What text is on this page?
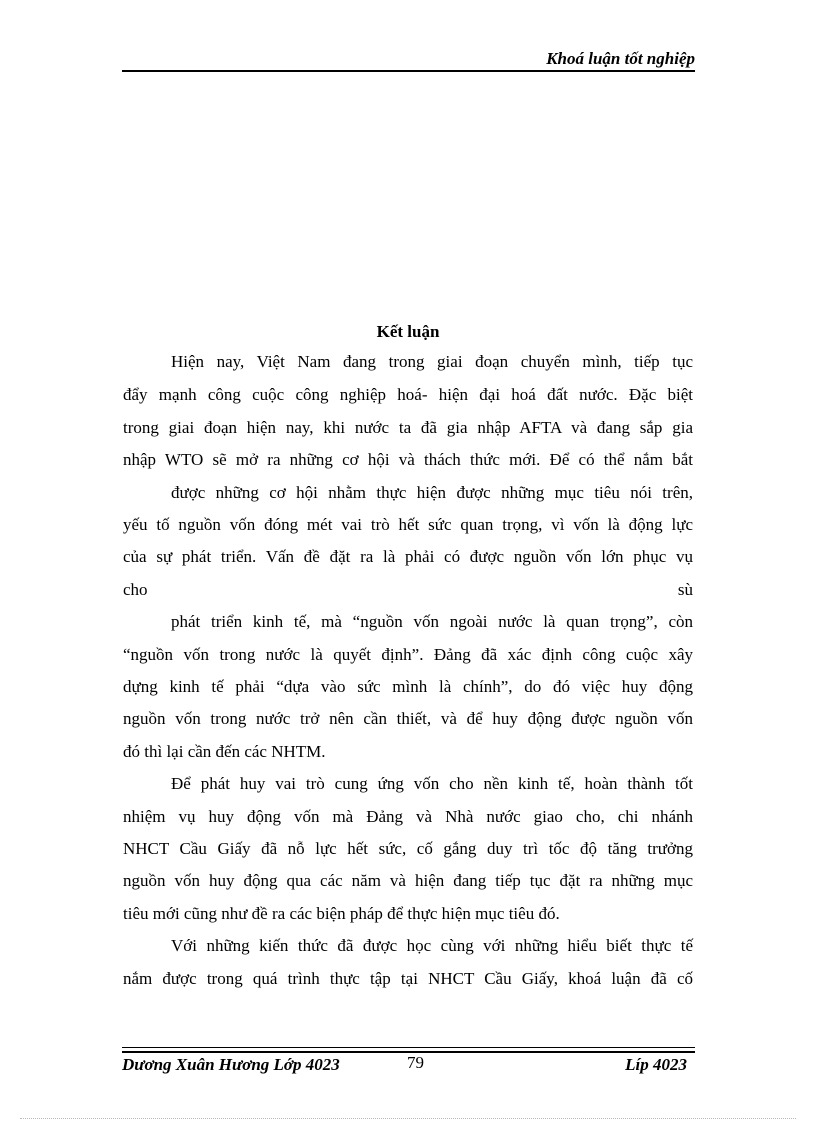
Khoá luận tốt nghiệp
Kết luận
Hiện nay, Việt Nam đang trong giai đoạn chuyển mình, tiếp tục
đẩy mạnh công cuộc công nghiệp hoá- hiện đại hoá đất nước. Đặc biệt
trong giai đoạn hiện nay, khi nước ta đã gia nhập AFTA và đang sắp gia
nhập WTO sẽ mở ra những cơ hội và thách thức mới. Để có thể nắm bắt
được những cơ hội nhằm thực hiện được những mục tiêu nói trên,
yếu tố nguồn vốn đóng mét vai trò hết sức quan trọng, vì vốn là động lực
của sự phát triển. Vấn đề đặt ra là phải có được nguồn vốn lớn phục vụ
cho	sù
phát triển kinh tế, mà “nguồn vốn ngoài nước là quan trọng”, còn
“nguồn vốn trong nước là quyết định”. Đảng đã xác định công cuộc xây
dựng kinh tế phải “dựa vào sức mình là chính”, do đó việc huy động
nguồn vốn trong nước trở nên cần thiết, và để huy động được nguồn vốn
đó thì lại cần đến các NHTM.
Để phát huy vai trò cung ứng vốn cho nền kinh tế, hoàn thành tốt
nhiệm vụ huy động vốn mà Đảng và Nhà nước giao cho, chi nhánh
NHCT Cầu Giấy đã nỗ lực hết sức, cố gắng duy trì tốc độ tăng trưởng
nguồn vốn huy động qua các năm và hiện đang tiếp tục đặt ra những mục
tiêu mới cũng như đề ra các biện pháp để thực hiện mục tiêu đó.
Với những kiến thức đã được học cùng với những hiểu biết thực tế
nắm được trong quá trình thực tập tại NHCT Cầu Giấy, khoá luận đã cố
Dương Xuân Hương Lớp 4023	79	Líp 4023
